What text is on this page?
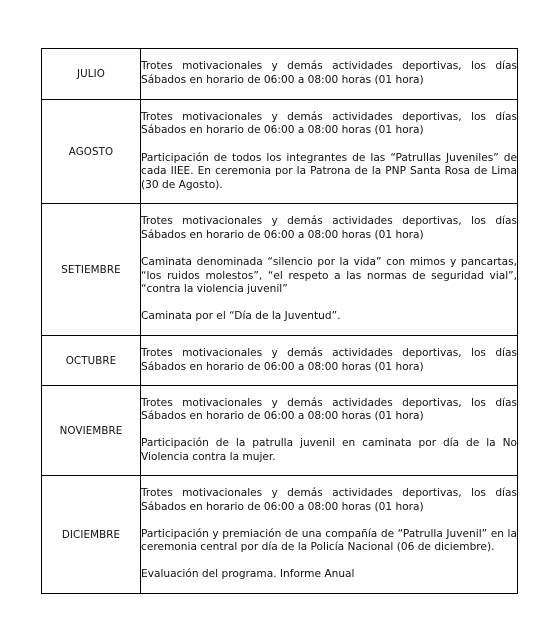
JULIO	Trotes motivacionales y demás actividades deportivas, los días Sábados en horario de 06:00 a 08:00 horas (01 hora)

AGOSTO	Trotes motivacionales y demás actividades deportivas, los días Sábados en horario de 06:00 a 08:00 horas (01 hora)

Participación de todos los integrantes de las “Patrullas Juveniles” de cada IIEE. En ceremonia por la Patrona de la PNP Santa Rosa de Lima (30 de Agosto).

SETIEMBRE	Trotes motivacionales y demás actividades deportivas, los días Sábados en horario de 06:00 a 08:00 horas (01 hora)

Caminata denominada “silencio por la vida” con mimos y pancartas, “los ruidos molestos”, “el respeto a las normas de seguridad vial”, “contra la violencia juvenil”

Caminata por el “Día de la Juventud”.

OCTUBRE	Trotes motivacionales y demás actividades deportivas, los días Sábados en horario de 06:00 a 08:00 horas (01 hora)

NOVIEMBRE	Trotes motivacionales y demás actividades deportivas, los días Sábados en horario de 06:00 a 08:00 horas (01 hora)

Participación de la patrulla juvenil en caminata por día de la No Violencia contra la mujer.

DICIEMBRE	Trotes motivacionales y demás actividades deportivas, los días Sábados en horario de 06:00 a 08:00 horas (01 hora)

Participación y premiación de una compañía de “Patrulla Juvenil” en la ceremonia central por día de la Policía Nacional (06 de diciembre).

Evaluación del programa. Informe Anual
